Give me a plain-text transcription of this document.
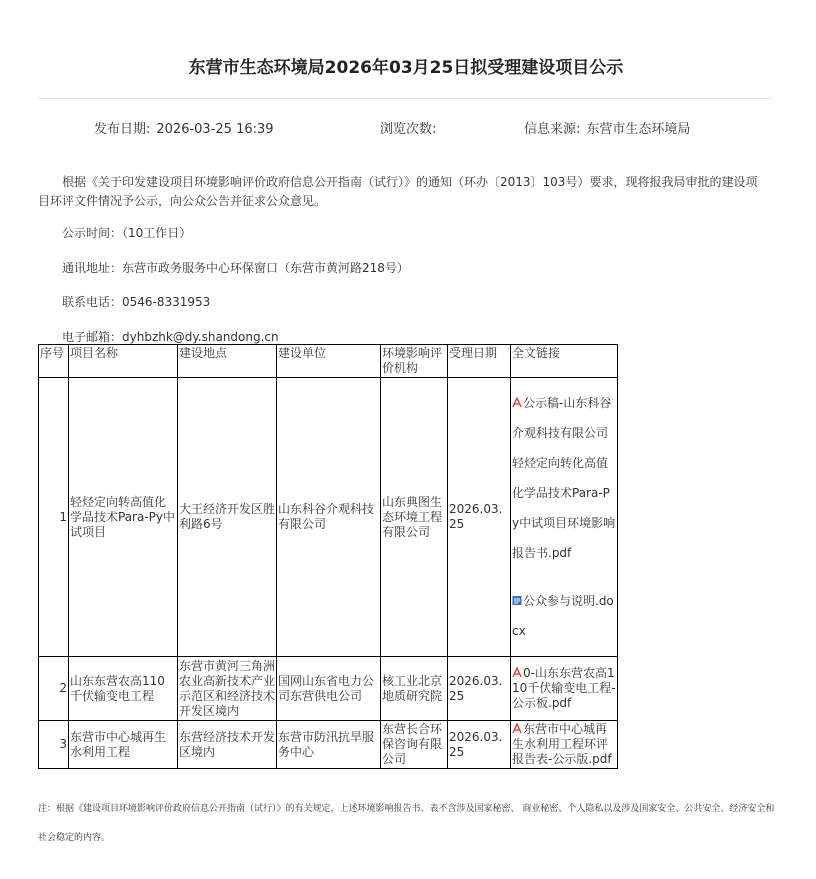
东营市生态环境局2026年03月25日拟受理建设项目公示
发布日期: 2026-03-25 16:39	浏览次数:	信息来源: 东营市生态环境局

根据《关于印发建设项目环境影响评价政府信息公开指南（试行）》的通知（环办〔2013〕103号）要求，现将报我局审批的建设项目环评文件情况予公示，向公众公告并征求公众意见。

公示时间：（10工作日）
通讯地址：东营市政务服务中心环保窗口（东营市黄河路218号）
联系电话：0546-8331953
电子邮箱：dyhbzhk@dy.shandong.cn
序号	项目名称	建设地点	建设单位	环境影响评价机构	受理日期	全文链接
1	轻烃定向转高值化学品技术Para-Py中试项目	大王经济开发区胜利路6号	山东科谷介观科技有限公司	山东典图生态环境工程有限公司	2026.03.25	公示稿-山东科谷介观科技有限公司轻烃定向转化高值化学品技术Para-Py中试项目环境影响报告书.pdf
公众参与说明.docx

2	山东东营农高110千伏输变电工程	东营市黄河三角洲农业高新技术产业示范区和经济技术开发区境内	国网山东省电力公司东营供电公司	核工业北京地质研究院	2026.03.25	0-山东东营农高110千伏输变电工程-公示板.pdf

3	东营市中心城再生水利用工程	东营经济技术开发区境内	东营市防汛抗旱服务中心	东营长合环保咨询有限公司	2026.03.25	东营市中心城再生水利用工程环评报告表-公示版.pdf

注：根据《建设项目环境影响评价政府信息公开指南（试行）》的有关规定，上述环境影响报告书、表不含涉及国家秘密、 商业秘密、个人隐私以及涉及国家安全、公共安全、经济安全和社会稳定的内容。
